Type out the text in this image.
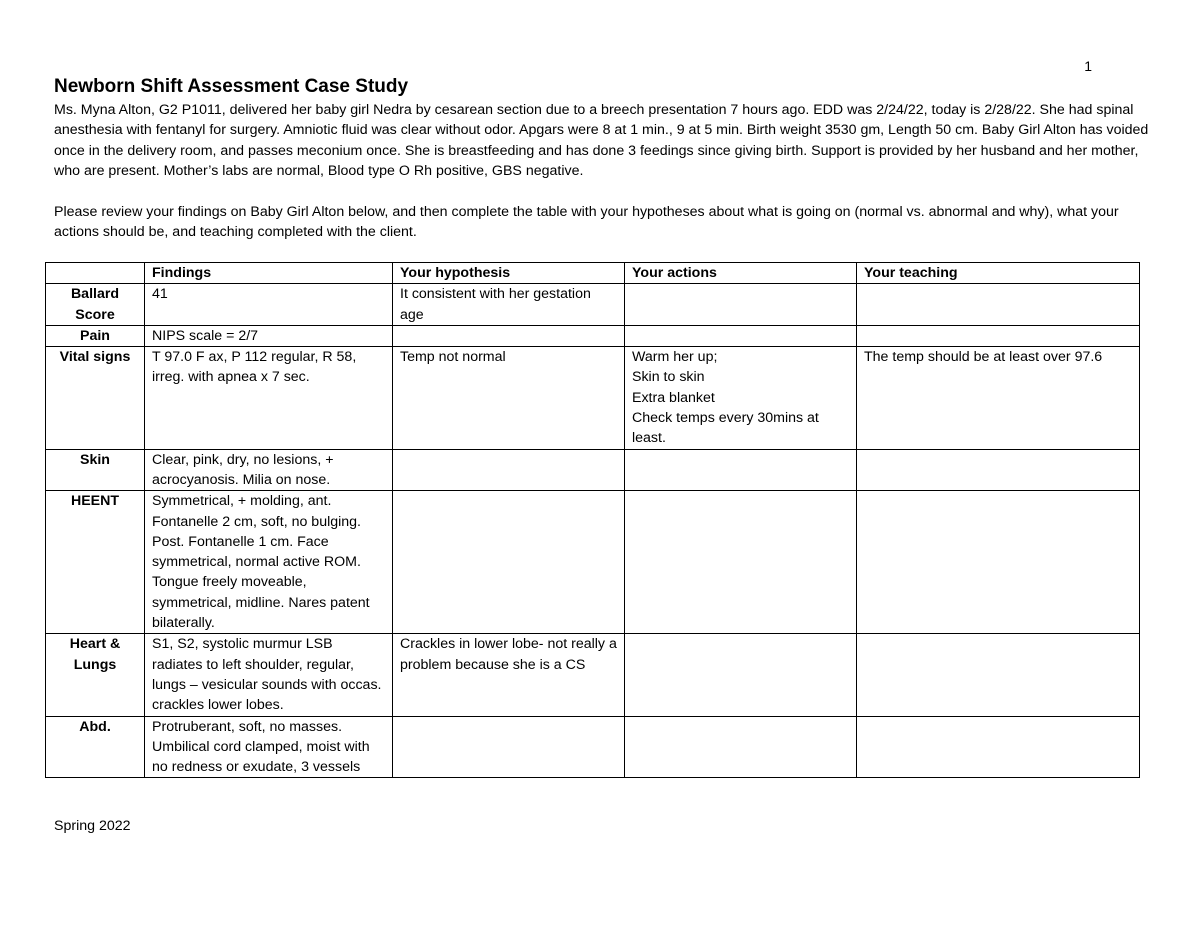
1
Newborn Shift Assessment Case Study

Ms. Myna Alton, G2 P1011, delivered her baby girl Nedra by cesarean section due to a breech presentation 7 hours ago. EDD was 2/24/22, today is 2/28/22. She had spinal anesthesia with fentanyl for surgery. Amniotic fluid was clear without odor. Apgars were 8 at 1 min., 9 at 5 min. Birth weight 3530 gm, Length 50 cm. Baby Girl Alton has voided once in the delivery room, and passes meconium once. She is breastfeeding and has done 3 feedings since giving birth. Support is provided by her husband and her mother, who are present. Mother’s labs are normal, Blood type O Rh positive, GBS negative.

Please review your findings on Baby Girl Alton below, and then complete the table with your hypotheses about what is going on (normal vs. abnormal and why), what your actions should be, and teaching completed with the client.

	Findings	Your hypothesis	Your actions	Your teaching
Ballard Score	41	It consistent with her gestation age		
Pain	NIPS scale = 2/7			
Vital signs	T 97.0 F ax, P 112 regular, R 58, irreg. with apnea x 7 sec.	Temp not normal	Warm her up;
Skin to skin
Extra blanket
Check temps every 30mins at least.	The temp should be at least over 97.6
Skin	Clear, pink, dry, no lesions, + acrocyanosis. Milia on nose.			
HEENT	Symmetrical, + molding, ant. Fontanelle 2 cm, soft, no bulging. Post. Fontanelle 1 cm. Face symmetrical, normal active ROM. Tongue freely moveable, symmetrical, midline. Nares patent bilaterally.			
Heart & Lungs	S1, S2, systolic murmur LSB radiates to left shoulder, regular, lungs – vesicular sounds with occas. crackles lower lobes.	Crackles in lower lobe- not really a problem because she is a CS		
Abd.	Protruberant, soft, no masses. Umbilical cord clamped, moist with no redness or exudate, 3 vessels			
Spring 2022
